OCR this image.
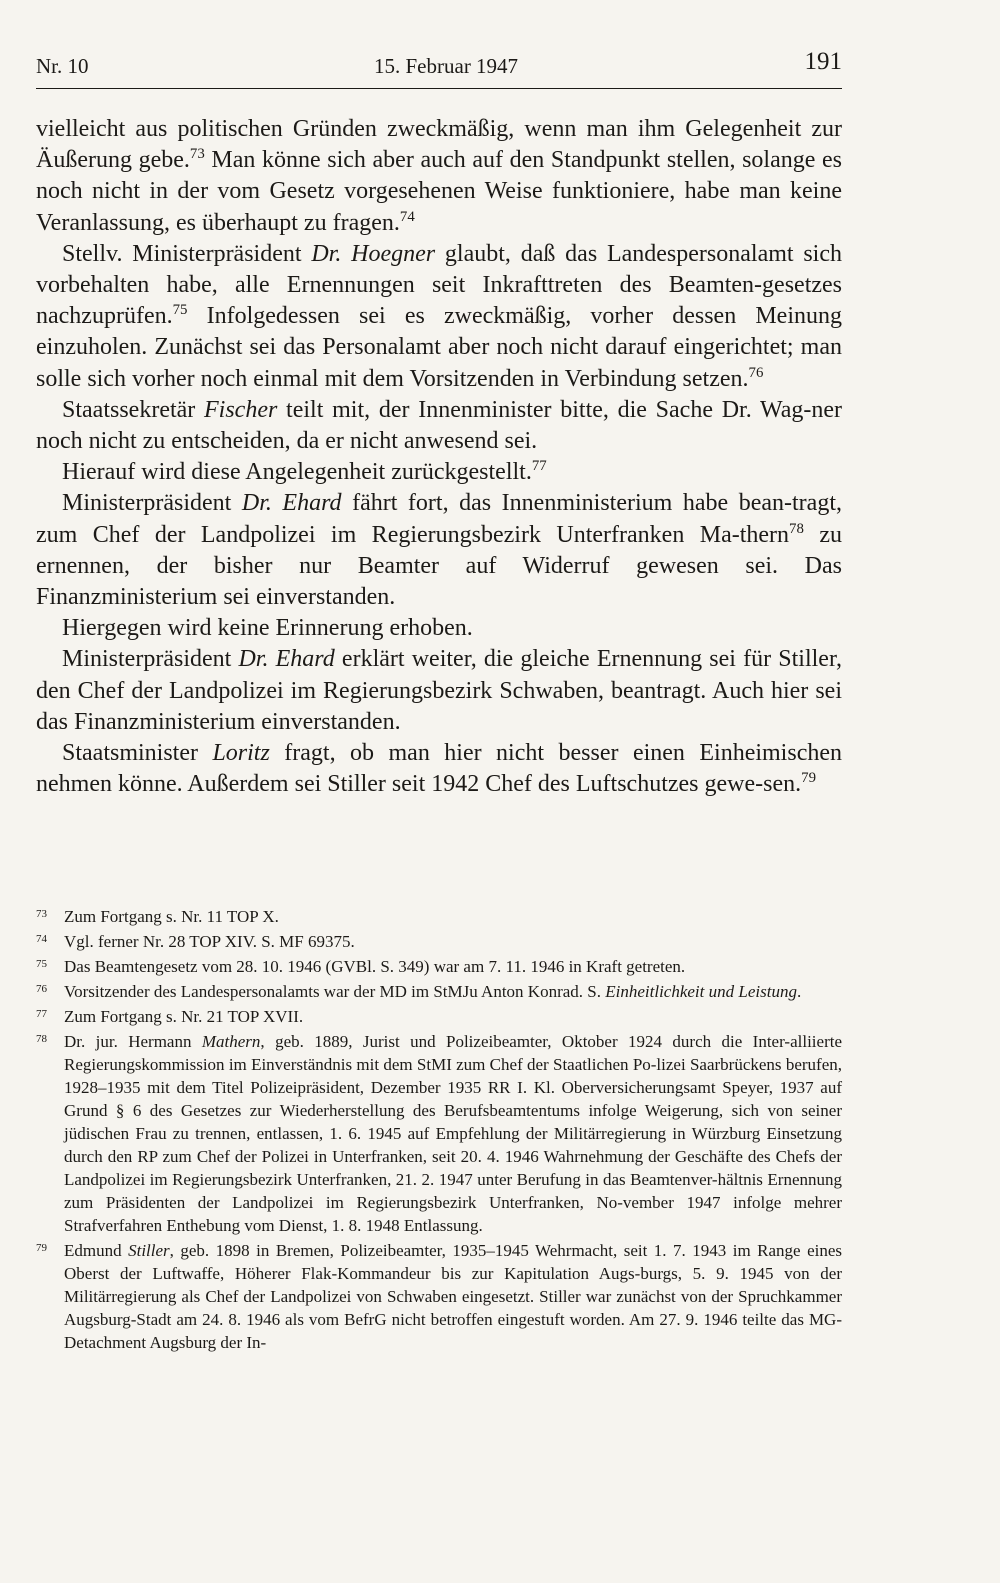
Nr. 10	15. Februar 1947	191

vielleicht aus politischen Gründen zweckmäßig, wenn man ihm Gelegenheit zur Äußerung gebe.$^{73}$ Man könne sich aber auch auf den Standpunkt stellen, solange es noch nicht in der vom Gesetz vorgesehenen Weise funktioniere, habe man keine Veranlassung, es überhaupt zu fragen.$^{74}$

Stellv. Ministerpräsident Dr. Hoegner glaubt, daß das Landespersonalamt sich vorbehalten habe, alle Ernennungen seit Inkrafttreten des Beamten-gesetzes nachzuprüfen.$^{75}$ Infolgedessen sei es zweckmäßig, vorher dessen Meinung einzuholen. Zunächst sei das Personalamt aber noch nicht darauf eingerichtet; man solle sich vorher noch einmal mit dem Vorsitzenden in Verbindung setzen.$^{76}$

Staatssekretär Fischer teilt mit, der Innenminister bitte, die Sache Dr. Wag-ner noch nicht zu entscheiden, da er nicht anwesend sei.

Hierauf wird diese Angelegenheit zurückgestellt.$^{77}$

Ministerpräsident Dr. Ehard fährt fort, das Innenministerium habe bean-tragt, zum Chef der Landpolizei im Regierungsbezirk Unterfranken Ma-thern$^{78}$ zu ernennen, der bisher nur Beamter auf Widerruf gewesen sei. Das Finanzministerium sei einverstanden.

Hiergegen wird keine Erinnerung erhoben.

Ministerpräsident Dr. Ehard erklärt weiter, die gleiche Ernennung sei für Stiller, den Chef der Landpolizei im Regierungsbezirk Schwaben, beantragt. Auch hier sei das Finanzministerium einverstanden.

Staatsminister Loritz fragt, ob man hier nicht besser einen Einheimischen nehmen könne. Außerdem sei Stiller seit 1942 Chef des Luftschutzes gewe-sen.$^{79}$

73 Zum Fortgang s. Nr. 11 TOP X.
74 Vgl. ferner Nr. 28 TOP XIV. S. MF 69375.
75 Das Beamtengesetz vom 28. 10. 1946 (GVBl. S. 349) war am 7. 11. 1946 in Kraft getreten.
76 Vorsitzender des Landespersonalamts war der MD im StMJu Anton Konrad. S. Einheitlichkeit und Leistung.
77 Zum Fortgang s. Nr. 21 TOP XVII.
78 Dr. jur. Hermann Mathern, geb. 1889, Jurist und Polizeibeamter, Oktober 1924 durch die Inter-alliierte Regierungskommission im Einverständnis mit dem StMI zum Chef der Staatlichen Po-lizei Saarbrückens berufen, 1928–1935 mit dem Titel Polizeipräsident, Dezember 1935 RR I. Kl. Oberversicherungsamt Speyer, 1937 auf Grund § 6 des Gesetzes zur Wiederherstellung des Berufsbeamtentums infolge Weigerung, sich von seiner jüdischen Frau zu trennen, entlassen, 1. 6. 1945 auf Empfehlung der Militärregierung in Würzburg Einsetzung durch den RP zum Chef der Polizei in Unterfranken, seit 20. 4. 1946 Wahrnehmung der Geschäfte des Chefs der Landpolizei im Regierungsbezirk Unterfranken, 21. 2. 1947 unter Berufung in das Beamtenver-hältnis Ernennung zum Präsidenten der Landpolizei im Regierungsbezirk Unterfranken, No-vember 1947 infolge mehrer Strafverfahren Enthebung vom Dienst, 1. 8. 1948 Entlassung.
79 Edmund Stiller, geb. 1898 in Bremen, Polizeibeamter, 1935–1945 Wehrmacht, seit 1. 7. 1943 im Range eines Oberst der Luftwaffe, Höherer Flak-Kommandeur bis zur Kapitulation Augs-burgs, 5. 9. 1945 von der Militärregierung als Chef der Landpolizei von Schwaben eingesetzt. Stiller war zunächst von der Spruchkammer Augsburg-Stadt am 24. 8. 1946 als vom BefrG nicht betroffen eingestuft worden. Am 27. 9. 1946 teilte das MG-Detachment Augsburg der In-
